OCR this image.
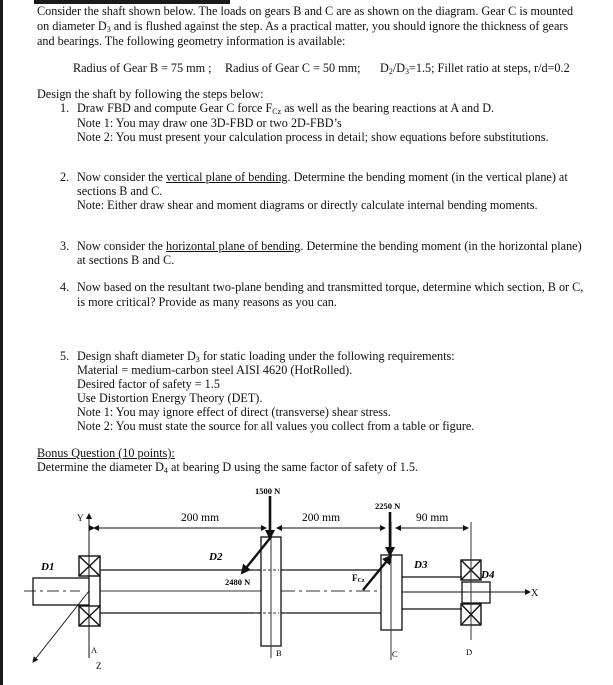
Consider the shaft shown below. The loads on gears B and C are as shown on the diagram. Gear C is mounted
on diameter $D_3$ and is flushed against the step. As a practical matter, you should ignore the thickness of gears
and bearings. The following geometry information is available:
Radius of Gear B = 75 mm ; Radius of Gear C = 50 mm; $D_2/D_3=1.5$; Fillet ratio at steps, r/d=0.2
Design the shaft by following the steps below:
1. Draw FBD and compute Gear C force $F_{Cz}$ as well as the bearing reactions at A and D.
Note 1: You may draw one 3D-FBD or two 2D-FBD’s
Note 2: You must present your calculation process in detail; show equations before substitutions.
2. Now consider the vertical plane of bending. Determine the bending moment (in the vertical plane) at
sections B and C.
Note: Either draw shear and moment diagrams or directly calculate internal bending moments.
3. Now consider the horizontal plane of bending. Determine the bending moment (in the horizontal plane)
at sections B and C.
4. Now based on the resultant two-plane bending and transmitted torque, determine which section, B or C,
is more critical? Provide as many reasons as you can.
5. Design shaft diameter $D_3$ for static loading under the following requirements:
Material = medium-carbon steel AISI 4620 (HotRolled).
Desired factor of safety = 1.5
Use Distortion Energy Theory (DET).
Note 1: You may ignore effect of direct (transverse) shear stress.
Note 2: You must state the source for all values you collect from a table or figure.
Bonus Question (10 points):
Determine the diameter $D_4$ at bearing D using the same factor of safety of 1.5.
1500 N
2480 N
2250 N
FCz
200 mm	200 mm	90 mm
D1
D2
D3
D4
X
Y
Z
A	B	C	D
